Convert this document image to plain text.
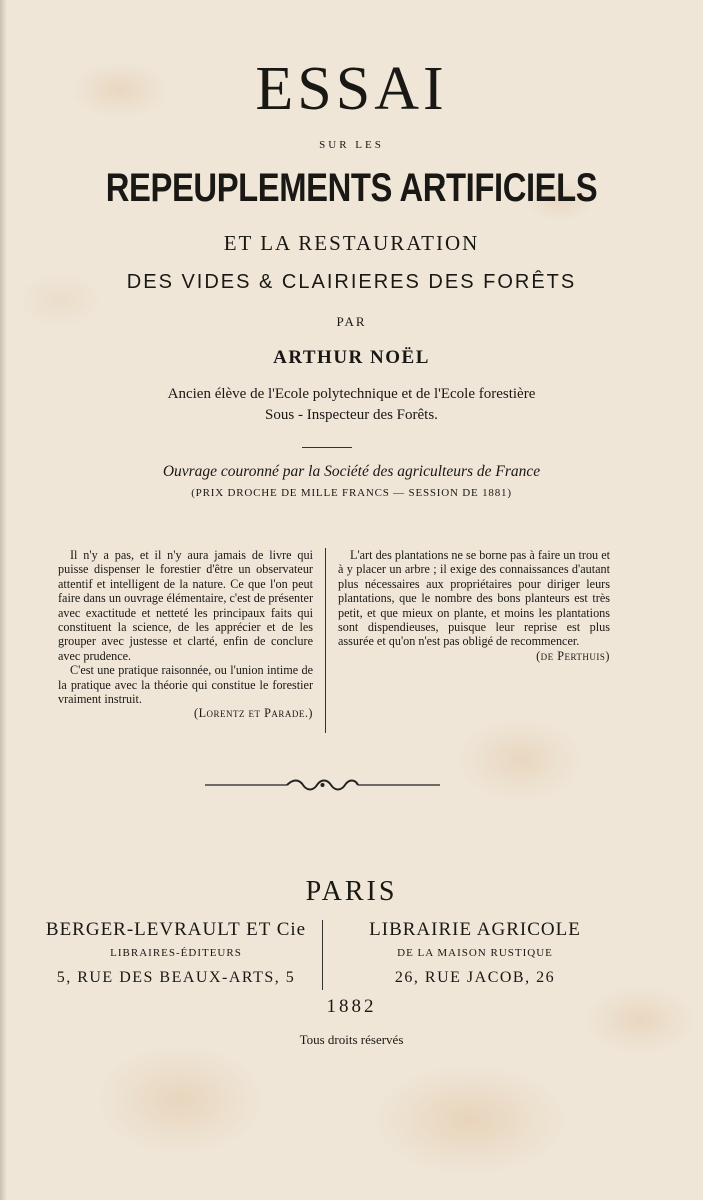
ESSAI
SUR LES
REPEUPLEMENTS ARTIFICIELS
ET LA RESTAURATION
DES VIDES & CLAIRIERES DES FORÊTS
PAR
ARTHUR NOËL
Ancien élève de l'Ecole polytechnique et de l'Ecole forestière
Sous - Inspecteur des Forêts.
Ouvrage couronné par la Société des agriculteurs de France
(PRIX DROCHE DE MILLE FRANCS — SESSION DE 1881)

Il n'y a pas, et il n'y aura jamais de livre qui puisse dispenser le forestier d'être un observateur attentif et intelligent de la nature. Ce que l'on peut faire dans un ouvrage élémentaire, c'est de présenter avec exactitude et netteté les principaux faits qui constituent la science, de les apprécier et de les grouper avec justesse et clarté, enfin de conclure avec prudence.

C'est une pratique raisonnée, ou l'union intime de la pratique avec la théorie qui constitue le forestier vraiment instruit.

(Lorentz et Parade.)

L'art des plantations ne se borne pas à faire un trou et à y placer un arbre ; il exige des connaissances d'autant plus nécessaires aux propriétaires pour diriger leurs plantations, que le nombre des bons planteurs est très petit, et que mieux on plante, et moins les plantations sont dispendieuses, puisque leur reprise est plus assurée et qu'on n'est pas obligé de recommencer.

(de Perthuis)
PARIS
BERGER-LEVRAULT ET Cie
LIBRAIRES-ÉDITEURS
5, RUE DES BEAUX-ARTS, 5
LIBRAIRIE AGRICOLE
DE LA MAISON RUSTIQUE
26, RUE JACOB, 26
1882
Tous droits réservés
